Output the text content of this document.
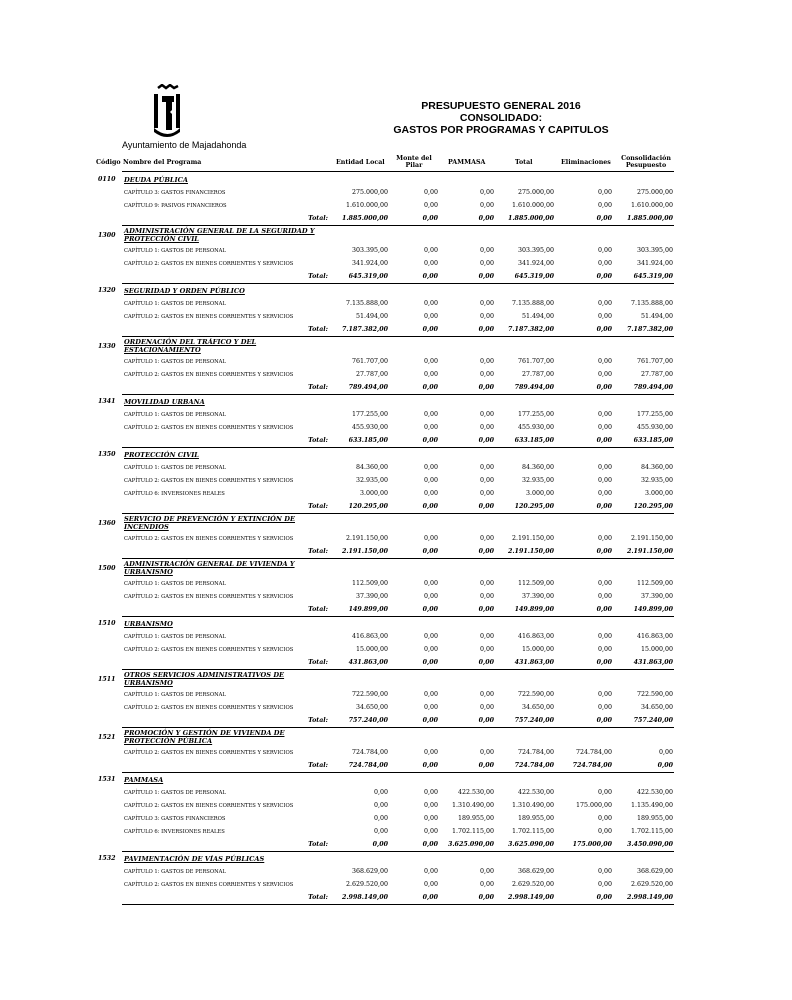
Ayuntamiento de Majadahonda
PRESUPUESTO GENERAL 2016
CONSOLIDADO:
GASTOS POR PROGRAMAS Y CAPITULOS
Código Nombre del Programa	Entidad Local
Monte del
Pilar	PAMMASA	Total	Eliminaciones
Consolidación
Pesupuesto
0110	DEUDA PÚBLICA
CAPÍTULO 3: GASTOS FINANCIEROS	275.000,00	0,00	0,00	275.000,00	0,00	275.000,00
CAPÍTULO 9: PASIVOS FINANCIEROS	1.610.000,00	0,00	0,00	1.610.000,00	0,00	1.610.000,00
Total:	1.885.000,00	0,00	0,00	1.885.000,00	0,00	1.885.000,00
1300
ADMINISTRACIÓN GENERAL DE LA SEGURIDAD Y PROTECCIÓN CIVIL
CAPÍTULO 1: GASTOS DE PERSONAL	303.395,00	0,00	0,00	303.395,00	0,00	303.395,00
CAPÍTULO 2: GASTOS EN BIENES CORRIENTES Y SERVICIOS	341.924,00	0,00	0,00	341.924,00	0,00	341.924,00
Total:	645.319,00	0,00	0,00	645.319,00	0,00	645.319,00
1320	SEGURIDAD Y ORDEN PÚBLICO
CAPÍTULO 1: GASTOS DE PERSONAL	7.135.888,00	0,00	0,00	7.135.888,00	0,00	7.135.888,00
CAPÍTULO 2: GASTOS EN BIENES CORRIENTES Y SERVICIOS	51.494,00	0,00	0,00	51.494,00	0,00	51.494,00
Total:	7.187.382,00	0,00	0,00	7.187.382,00	0,00	7.187.382,00
1330
ORDENACIÓN DEL TRÁFICO Y DEL ESTACIONAMIENTO
CAPÍTULO 1: GASTOS DE PERSONAL	761.707,00	0,00	0,00	761.707,00	0,00	761.707,00
CAPÍTULO 2: GASTOS EN BIENES CORRIENTES Y SERVICIOS	27.787,00	0,00	0,00	27.787,00	0,00	27.787,00
Total:	789.494,00	0,00	0,00	789.494,00	0,00	789.494,00
1341	MOVILIDAD URBANA
CAPÍTULO 1: GASTOS DE PERSONAL	177.255,00	0,00	0,00	177.255,00	0,00	177.255,00
CAPÍTULO 2: GASTOS EN BIENES CORRIENTES Y SERVICIOS	455.930,00	0,00	0,00	455.930,00	0,00	455.930,00
Total:	633.185,00	0,00	0,00	633.185,00	0,00	633.185,00
1350	PROTECCIÓN CIVIL
CAPÍTULO 1: GASTOS DE PERSONAL	84.360,00	0,00	0,00	84.360,00	0,00	84.360,00
CAPÍTULO 2: GASTOS EN BIENES CORRIENTES Y SERVICIOS	32.935,00	0,00	0,00	32.935,00	0,00	32.935,00
CAPÍTULO 6: INVERSIONES REALES	3.000,00	0,00	0,00	3.000,00	0,00	3.000,00
Total:	120.295,00	0,00	0,00	120.295,00	0,00	120.295,00
1360
SERVICIO DE PREVENCIÓN Y EXTINCIÓN DE INCENDIOS
CAPÍTULO 2: GASTOS EN BIENES CORRIENTES Y SERVICIOS	2.191.150,00	0,00	0,00	2.191.150,00	0,00	2.191.150,00
Total:	2.191.150,00	0,00	0,00	2.191.150,00	0,00	2.191.150,00
1500
ADMINISTRACIÓN GENERAL DE VIVIENDA Y URBANISMO
CAPÍTULO 1: GASTOS DE PERSONAL	112.509,00	0,00	0,00	112.509,00	0,00	112.509,00
CAPÍTULO 2: GASTOS EN BIENES CORRIENTES Y SERVICIOS	37.390,00	0,00	0,00	37.390,00	0,00	37.390,00
Total:	149.899,00	0,00	0,00	149.899,00	0,00	149.899,00
1510	URBANISMO
CAPÍTULO 1: GASTOS DE PERSONAL	416.863,00	0,00	0,00	416.863,00	0,00	416.863,00
CAPÍTULO 2: GASTOS EN BIENES CORRIENTES Y SERVICIOS	15.000,00	0,00	0,00	15.000,00	0,00	15.000,00
Total:	431.863,00	0,00	0,00	431.863,00	0,00	431.863,00
1511
OTROS SERVICIOS ADMINISTRATIVOS DE URBANISMO
CAPÍTULO 1: GASTOS DE PERSONAL	722.590,00	0,00	0,00	722.590,00	0,00	722.590,00
CAPÍTULO 2: GASTOS EN BIENES CORRIENTES Y SERVICIOS	34.650,00	0,00	0,00	34.650,00	0,00	34.650,00
Total:	757.240,00	0,00	0,00	757.240,00	0,00	757.240,00
1521
PROMOCIÓN Y GESTIÓN DE VIVIENDA DE PROTECCIÓN PÚBLICA
CAPÍTULO 2: GASTOS EN BIENES CORRIENTES Y SERVICIOS	724.784,00	0,00	0,00	724.784,00	724.784,00	0,00
Total:	724.784,00	0,00	0,00	724.784,00	724.784,00	0,00
1531	PAMMASA
CAPÍTULO 1: GASTOS DE PERSONAL	0,00	0,00	422.530,00	422.530,00	0,00	422.530,00
CAPÍTULO 2: GASTOS EN BIENES CORRIENTES Y SERVICIOS	0,00	0,00	1.310.490,00	1.310.490,00	175.000,00	1.135.490,00
CAPÍTULO 3: GASTOS FINANCIEROS	0,00	0,00	189.955,00	189.955,00	0,00	189.955,00
CAPÍTULO 6: INVERSIONES REALES	0,00	0,00	1.702.115,00	1.702.115,00	0,00	1.702.115,00
Total:	0,00	0,00	3.625.090,00	3.625.090,00	175.000,00	3.450.090,00
1532	PAVIMENTACIÓN DE VÍAS PÚBLICAS
CAPÍTULO 1: GASTOS DE PERSONAL	368.629,00	0,00	0,00	368.629,00	0,00	368.629,00
CAPÍTULO 2: GASTOS EN BIENES CORRIENTES Y SERVICIOS	2.629.520,00	0,00	0,00	2.629.520,00	0,00	2.629.520,00
Total:	2.998.149,00	0,00	0,00	2.998.149,00	0,00	2.998.149,00
